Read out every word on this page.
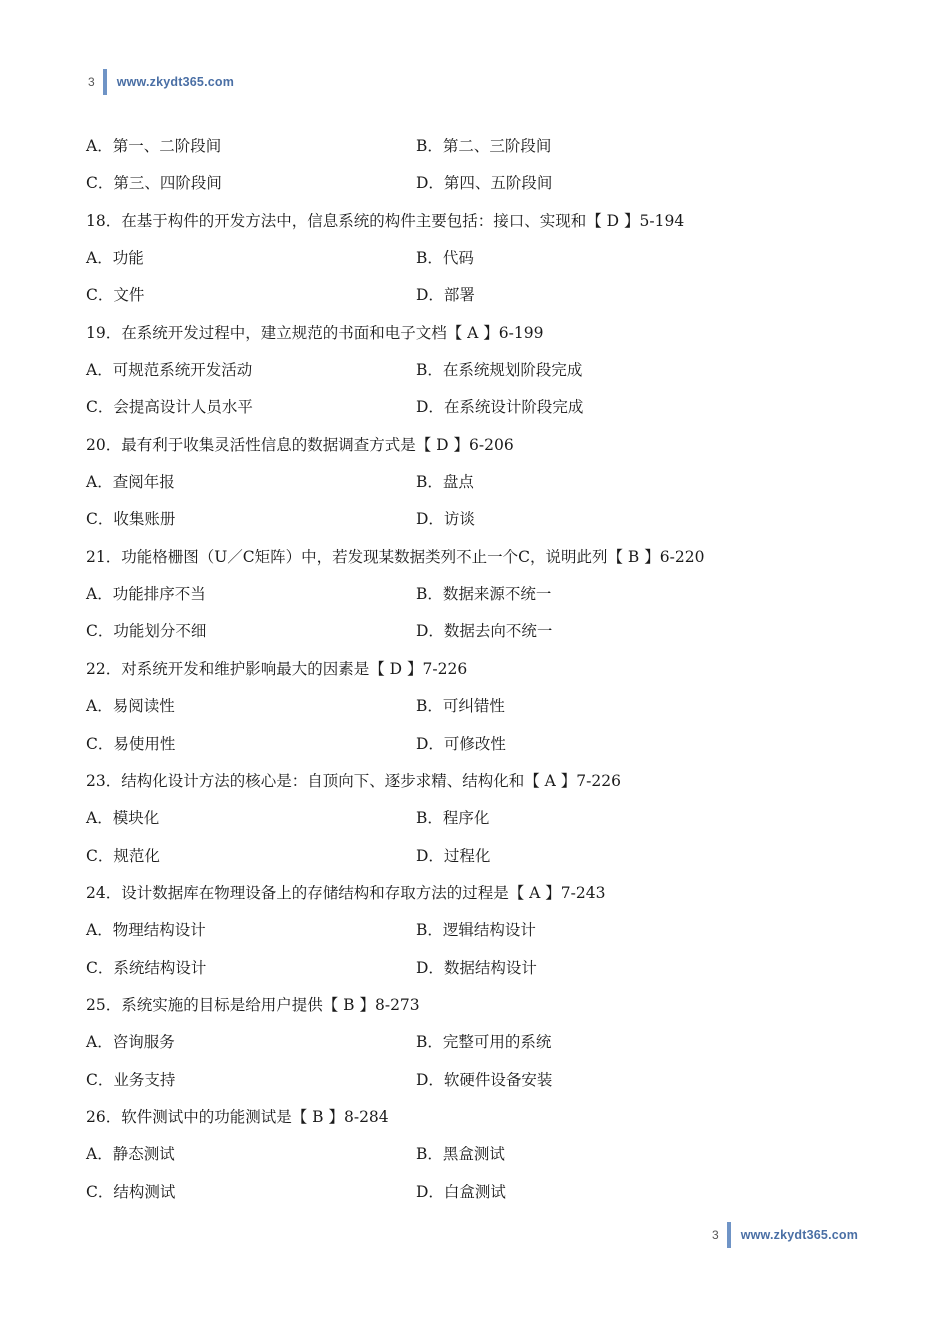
3 www.zkydt365.com
A．第一、二阶段间	B．第二、三阶段间
C．第三、四阶段间	D．第四、五阶段间
18．在基于构件的开发方法中，信息系统的构件主要包括：接口、实现和【 D 】5-194
A．功能	B．代码
C．文件	D．部署
19．在系统开发过程中，建立规范的书面和电子文档【 A 】6-199
A．可规范系统开发活动	B．在系统规划阶段完成
C．会提高设计人员水平	D．在系统设计阶段完成
20．最有利于收集灵活性信息的数据调查方式是【 D 】6-206
A．查阅年报	B．盘点
C．收集账册	D．访谈
21．功能格栅图（U／C矩阵）中，若发现某数据类列不止一个C，说明此列【 B 】6-220
A．功能排序不当	B．数据来源不统一
C．功能划分不细	D．数据去向不统一
22．对系统开发和维护影响最大的因素是【 D 】7-226
A．易阅读性	B．可纠错性
C．易使用性	D．可修改性
23．结构化设计方法的核心是：自顶向下、逐步求精、结构化和【 A 】7-226
A．模块化	B．程序化
C．规范化	D．过程化
24．设计数据库在物理设备上的存储结构和存取方法的过程是【 A 】7-243
A．物理结构设计	B．逻辑结构设计
C．系统结构设计	D．数据结构设计
25．系统实施的目标是给用户提供【 B 】8-273
A．咨询服务	B．完整可用的系统
C．业务支持	D．软硬件设备安装
26．软件测试中的功能测试是【 B 】8-284
A．静态测试	B．黑盒测试
C．结构测试	D．白盒测试
3 www.zkydt365.com
